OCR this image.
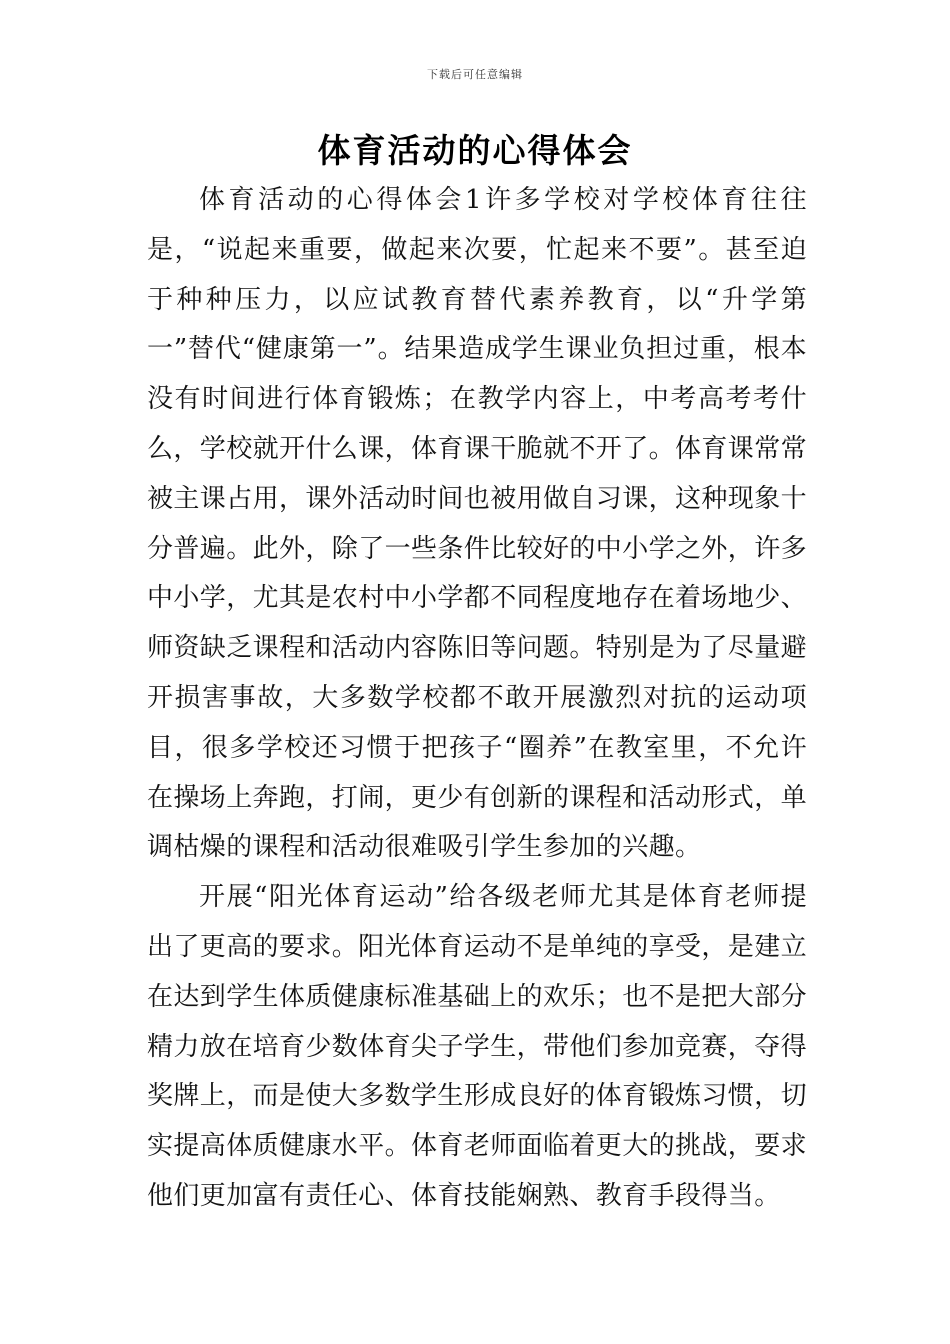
下载后可任意编辑
体育活动的心得体会

体育活动的心得体会1许多学校对学校体育往往是，“说起来重要，做起来次要，忙起来不要”。甚至迫于种种压力，以应试教育替代素养教育，以“升学第一”替代“健康第一”。结果造成学生课业负担过重，根本没有时间进行体育锻炼；在教学内容上，中考高考考什么，学校就开什么课，体育课干脆就不开了。体育课常常被主课占用，课外活动时间也被用做自习课，这种现象十分普遍。此外，除了一些条件比较好的中小学之外，许多中小学，尤其是农村中小学都不同程度地存在着场地少、师资缺乏课程和活动内容陈旧等问题。特别是为了尽量避开损害事故，大多数学校都不敢开展激烈对抗的运动项目，很多学校还习惯于把孩子“圈养”在教室里，不允许在操场上奔跑，打闹，更少有创新的课程和活动形式，单调枯燥的课程和活动很难吸引学生参加的兴趣。

开展“阳光体育运动”给各级老师尤其是体育老师提出了更高的要求。阳光体育运动不是单纯的享受，是建立在达到学生体质健康标准基础上的欢乐；也不是把大部分精力放在培育少数体育尖子学生，带他们参加竞赛，夺得奖牌上，而是使大多数学生形成良好的体育锻炼习惯，切实提高体质健康水平。体育老师面临着更大的挑战，要求他们更加富有责任心、体育技能娴熟、教育手段得当。
